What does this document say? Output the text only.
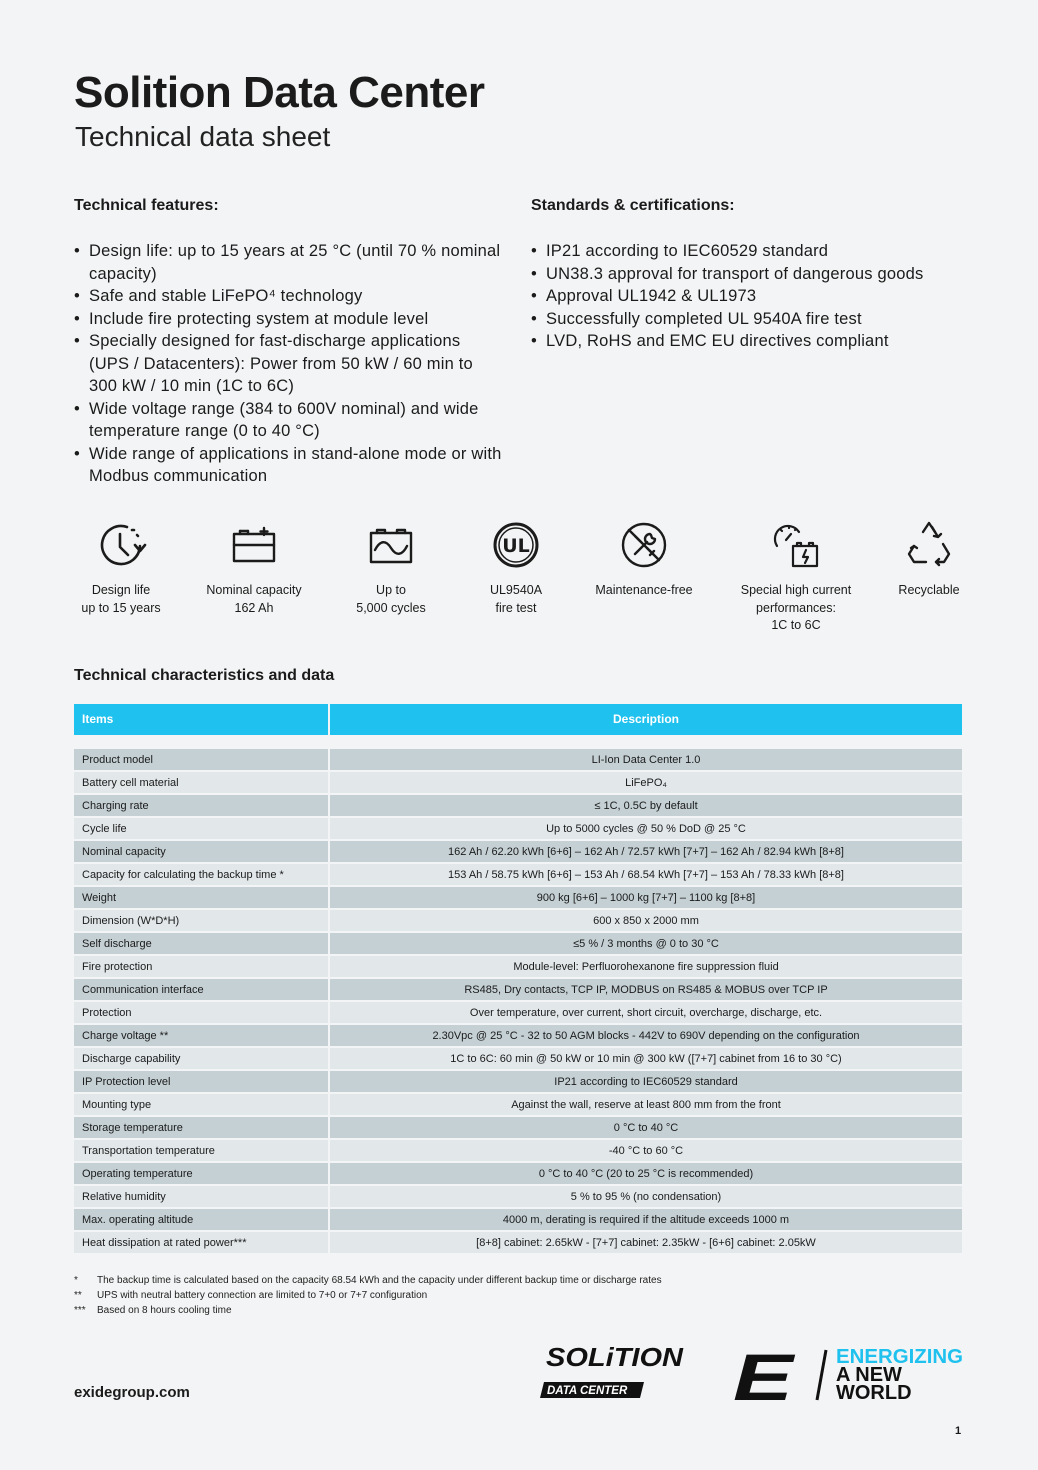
Solition Data Center
Technical data sheet
Technical features:
• Design life: up to 15 years at 25 °C (until 70 % nominal capacity)
• Safe and stable LiFePO⁴ technology
• Include fire protecting system at module level
• Specially designed for fast-discharge applications (UPS / Datacenters): Power from 50 kW / 60 min to 300 kW / 10 min (1C to 6C)
• Wide voltage range (384 to 600V nominal) and wide temperature range (0 to 40 °C)
• Wide range of applications in stand-alone mode or with Modbus communication
Standards & certifications:
• IP21 according to IEC60529 standard
• UN38.3 approval for transport of dangerous goods
• Approval UL1942 & UL1973
• Successfully completed UL 9540A fire test
• LVD, RoHS and EMC EU directives compliant
Design life
up to 15 years
Nominal capacity
162 Ah
Up to
5,000 cycles
UL
UL9540A
fire test
Maintenance-free	Special high current
performances:
1C to 6C
Recyclable
Technical characteristics and data
Items	Description
Product model	LI-Ion Data Center 1.0
Battery cell material	LiFePO₄
Charging rate	≤ 1C, 0.5C by default
Cycle life	Up to 5000 cycles @ 50 % DoD @ 25 °C
Nominal capacity	162 Ah / 62.20 kWh [6+6] – 162 Ah / 72.57 kWh [7+7] – 162 Ah / 82.94 kWh [8+8]
Capacity for calculating the backup time *	153 Ah / 58.75 kWh [6+6] – 153 Ah / 68.54 kWh [7+7] – 153 Ah / 78.33 kWh [8+8]
Weight	900 kg [6+6] – 1000 kg [7+7] – 1100 kg [8+8]
Dimension (W*D*H)	600 x 850 x 2000 mm
Self discharge	≤5 % / 3 months @ 0 to 30 °C
Fire protection	Module-level: Perfluorohexanone fire suppression fluid
Communication interface	RS485, Dry contacts, TCP IP, MODBUS on RS485 & MOBUS over TCP IP
Protection	Over temperature, over current, short circuit, overcharge, discharge, etc.
Charge voltage **	2.30Vpc @ 25 °C - 32 to 50 AGM blocks - 442V to 690V depending on the configuration
Discharge capability	1C to 6C: 60 min @ 50 kW or 10 min @ 300 kW ([7+7] cabinet from 16 to 30 °C)
IP Protection level	IP21 according to IEC60529 standard
Mounting type	Against the wall, reserve at least 800 mm from the front
Storage temperature	0 °C to 40 °C
Transportation temperature	-40 °C to 60 °C
Operating temperature	0 °C to 40 °C (20 to 25 °C is recommended)
Relative humidity	5 % to 95 % (no condensation)
Max. operating altitude	4000 m, derating is required if the altitude exceeds 1000 m
Heat dissipation at rated power***	[8+8] cabinet: 2.65kW - [7+7] cabinet: 2.35kW - [6+6] cabinet: 2.05kW
* The backup time is calculated based on the capacity 68.54 kWh and the capacity under different backup time or discharge rates
** UPS with neutral battery connection are limited to 7+0 or 7+7 configuration
*** Based on 8 hours cooling time
exidegroup.com
SOLiTION
DATA CENTER E ENERGIZING
A NEW
WORLD
1
